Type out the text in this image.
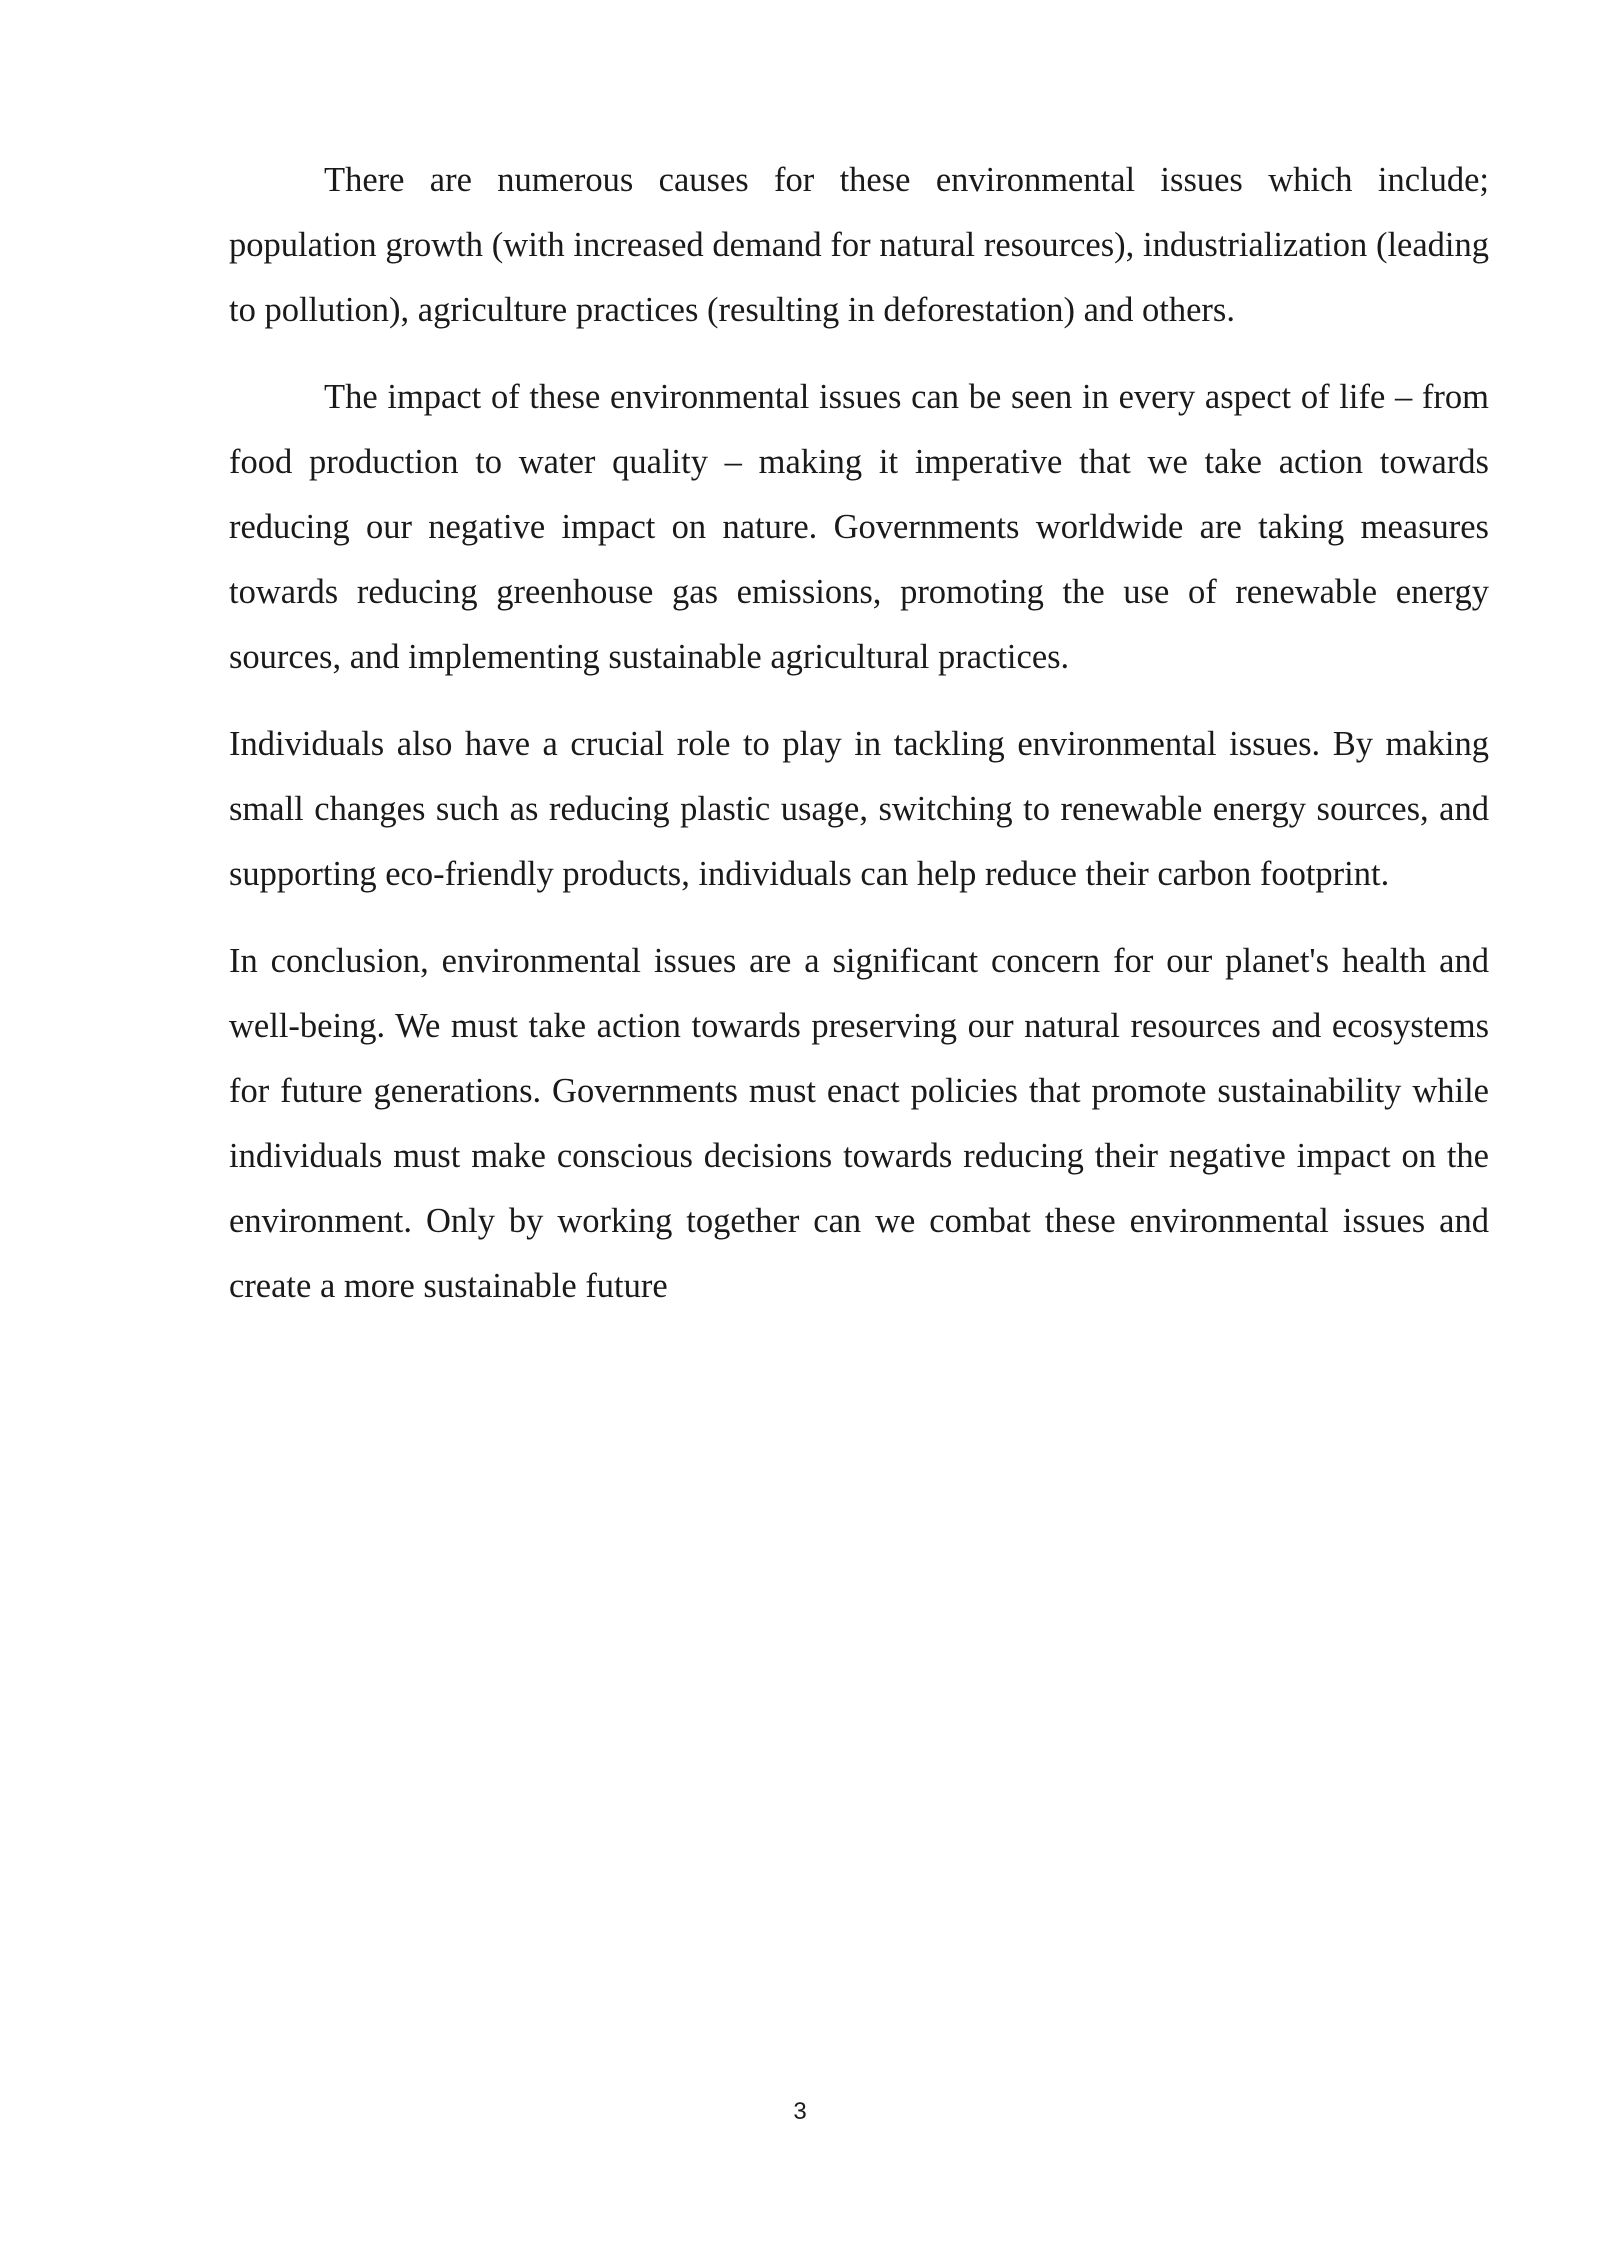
There are numerous causes for these environmental issues which include; population growth (with increased demand for natural resources), industrialization (leading to pollution), agriculture practices (resulting in deforestation) and others.

The impact of these environmental issues can be seen in every aspect of life – from food production to water quality – making it imperative that we take action towards reducing our negative impact on nature. Governments worldwide are taking measures towards reducing greenhouse gas emissions, promoting the use of renewable energy sources, and implementing sustainable agricultural practices.

Individuals also have a crucial role to play in tackling environmental issues. By making small changes such as reducing plastic usage, switching to renewable energy sources, and supporting eco-friendly products, individuals can help reduce their carbon footprint.

In conclusion, environmental issues are a significant concern for our planet's health and well-being. We must take action towards preserving our natural resources and ecosystems for future generations. Governments must enact policies that promote sustainability while individuals must make conscious decisions towards reducing their negative impact on the environment. Only by working together can we combat these environmental issues and create a more sustainable future

3
